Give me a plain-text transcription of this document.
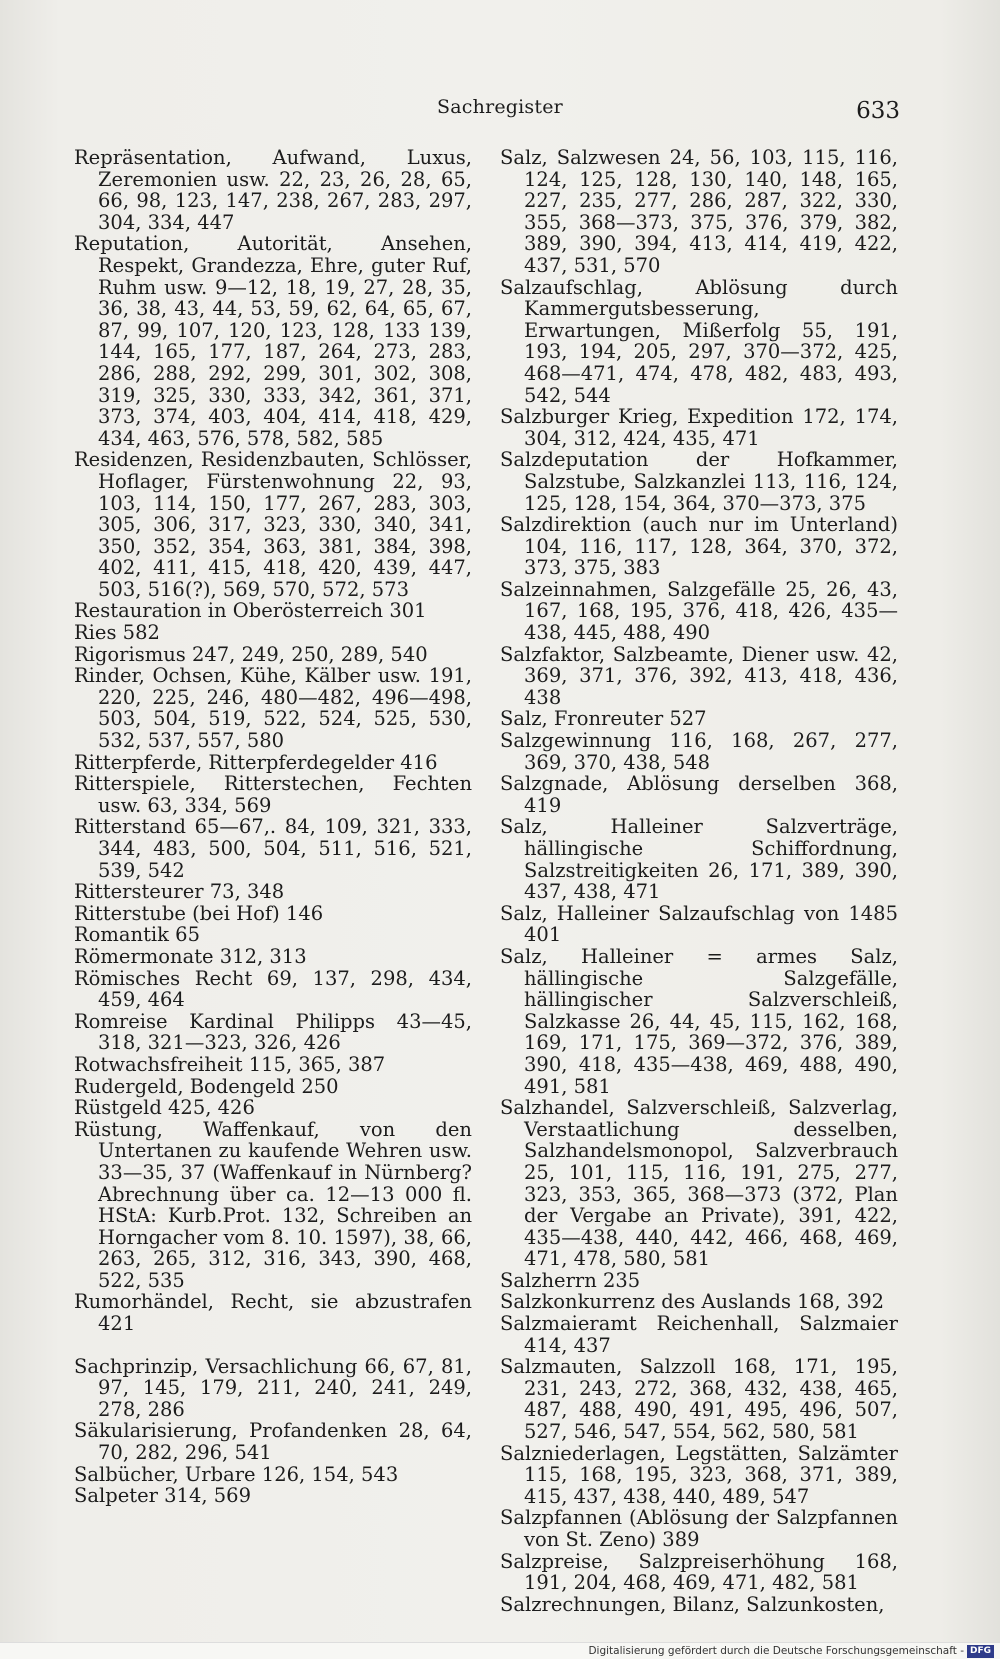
Sachregister	633
Repräsentation, Aufwand, Luxus, Zeremonien usw. 22, 23, 26, 28, 65, 66, 98, 123, 147, 238, 267, 283, 297, 304, 334, 447
Reputation, Autorität, Ansehen, Respekt, Grandezza, Ehre, guter Ruf, Ruhm usw. 9—12, 18, 19, 27, 28, 35, 36, 38, 43, 44, 53, 59, 62, 64, 65, 67, 87, 99, 107, 120, 123, 128, 133 139, 144, 165, 177, 187, 264, 273, 283, 286, 288, 292, 299, 301, 302, 308, 319, 325, 330, 333, 342, 361, 371, 373, 374, 403, 404, 414, 418, 429, 434, 463, 576, 578, 582, 585
Residenzen, Residenzbauten, Schlösser, Hoflager, Fürstenwohnung 22, 93, 103, 114, 150, 177, 267, 283, 303, 305, 306, 317, 323, 330, 340, 341, 350, 352, 354, 363, 381, 384, 398, 402, 411, 415, 418, 420, 439, 447, 503, 516(?), 569, 570, 572, 573
Restauration in Oberösterreich 301
Ries 582
Rigorismus 247, 249, 250, 289, 540
Rinder, Ochsen, Kühe, Kälber usw. 191, 220, 225, 246, 480—482, 496—498, 503, 504, 519, 522, 524, 525, 530, 532, 537, 557, 580
Ritterpferde, Ritterpferdegelder 416
Ritterspiele, Ritterstechen, Fechten usw. 63, 334, 569
Ritterstand 65—67,. 84, 109, 321, 333, 344, 483, 500, 504, 511, 516, 521, 539, 542
Rittersteurer 73, 348
Ritterstube (bei Hof) 146
Romantik 65
Römermonate 312, 313
Römisches Recht 69, 137, 298, 434, 459, 464
Romreise Kardinal Philipps 43—45, 318, 321—323, 326, 426
Rotwachsfreiheit 115, 365, 387
Rudergeld, Bodengeld 250
Rüstgeld 425, 426
Rüstung, Waffenkauf, von den Untertanen zu kaufende Wehren usw. 33—35, 37 (Waffenkauf in Nürnberg? Abrechnung über ca. 12—13 000 fl. HStA: Kurb.Prot. 132, Schreiben an Horngacher vom 8. 10. 1597), 38, 66, 263, 265, 312, 316, 343, 390, 468, 522, 535
Rumorhändel, Recht, sie abzustrafen 421
Sachprinzip, Versachlichung 66, 67, 81, 97, 145, 179, 211, 240, 241, 249, 278, 286
Säkularisierung, Profandenken 28, 64, 70, 282, 296, 541
Salbücher, Urbare 126, 154, 543
Salpeter 314, 569
Salz, Salzwesen 24, 56, 103, 115, 116, 124, 125, 128, 130, 140, 148, 165, 227, 235, 277, 286, 287, 322, 330, 355, 368—373, 375, 376, 379, 382, 389, 390, 394, 413, 414, 419, 422, 437, 531, 570
Salzaufschlag, Ablösung durch Kammergutsbesserung, Erwartungen, Mißerfolg 55, 191, 193, 194, 205, 297, 370—372, 425, 468—471, 474, 478, 482, 483, 493, 542, 544
Salzburger Krieg, Expedition 172, 174, 304, 312, 424, 435, 471
Salzdeputation der Hofkammer, Salzstube, Salzkanzlei 113, 116, 124, 125, 128, 154, 364, 370—373, 375
Salzdirektion (auch nur im Unterland) 104, 116, 117, 128, 364, 370, 372, 373, 375, 383
Salzeinnahmen, Salzgefälle 25, 26, 43, 167, 168, 195, 376, 418, 426, 435—438, 445, 488, 490
Salzfaktor, Salzbeamte, Diener usw. 42, 369, 371, 376, 392, 413, 418, 436, 438
Salz, Fronreuter 527
Salzgewinnung 116, 168, 267, 277, 369, 370, 438, 548
Salzgnade, Ablösung derselben 368, 419
Salz, Halleiner Salzverträge, hällingische Schiffordnung, Salzstreitigkeiten 26, 171, 389, 390, 437, 438, 471
Salz, Halleiner Salzaufschlag von 1485 401
Salz, Halleiner = armes Salz, hällingische Salzgefälle, hällingischer Salzverschleiß, Salzkasse 26, 44, 45, 115, 162, 168, 169, 171, 175, 369—372, 376, 389, 390, 418, 435—438, 469, 488, 490, 491, 581
Salzhandel, Salzverschleiß, Salzverlag, Verstaatlichung desselben, Salzhandelsmonopol, Salzverbrauch 25, 101, 115, 116, 191, 275, 277, 323, 353, 365, 368—373 (372, Plan der Vergabe an Private), 391, 422, 435—438, 440, 442, 466, 468, 469, 471, 478, 580, 581
Salzherrn 235
Salzkonkurrenz des Auslands 168, 392
Salzmaieramt Reichenhall, Salzmaier 414, 437
Salzmauten, Salzzoll 168, 171, 195, 231, 243, 272, 368, 432, 438, 465, 487, 488, 490, 491, 495, 496, 507, 527, 546, 547, 554, 562, 580, 581
Salzniederlagen, Legstätten, Salzämter 115, 168, 195, 323, 368, 371, 389, 415, 437, 438, 440, 489, 547
Salzpfannen (Ablösung der Salzpfannen von St. Zeno) 389
Salzpreise, Salzpreiserhöhung 168, 191, 204, 468, 469, 471, 482, 581
Salzrechnungen, Bilanz, Salzunkosten,
Digitalisierung gefördert durch die Deutsche Forschungsgemeinschaft - DFG
